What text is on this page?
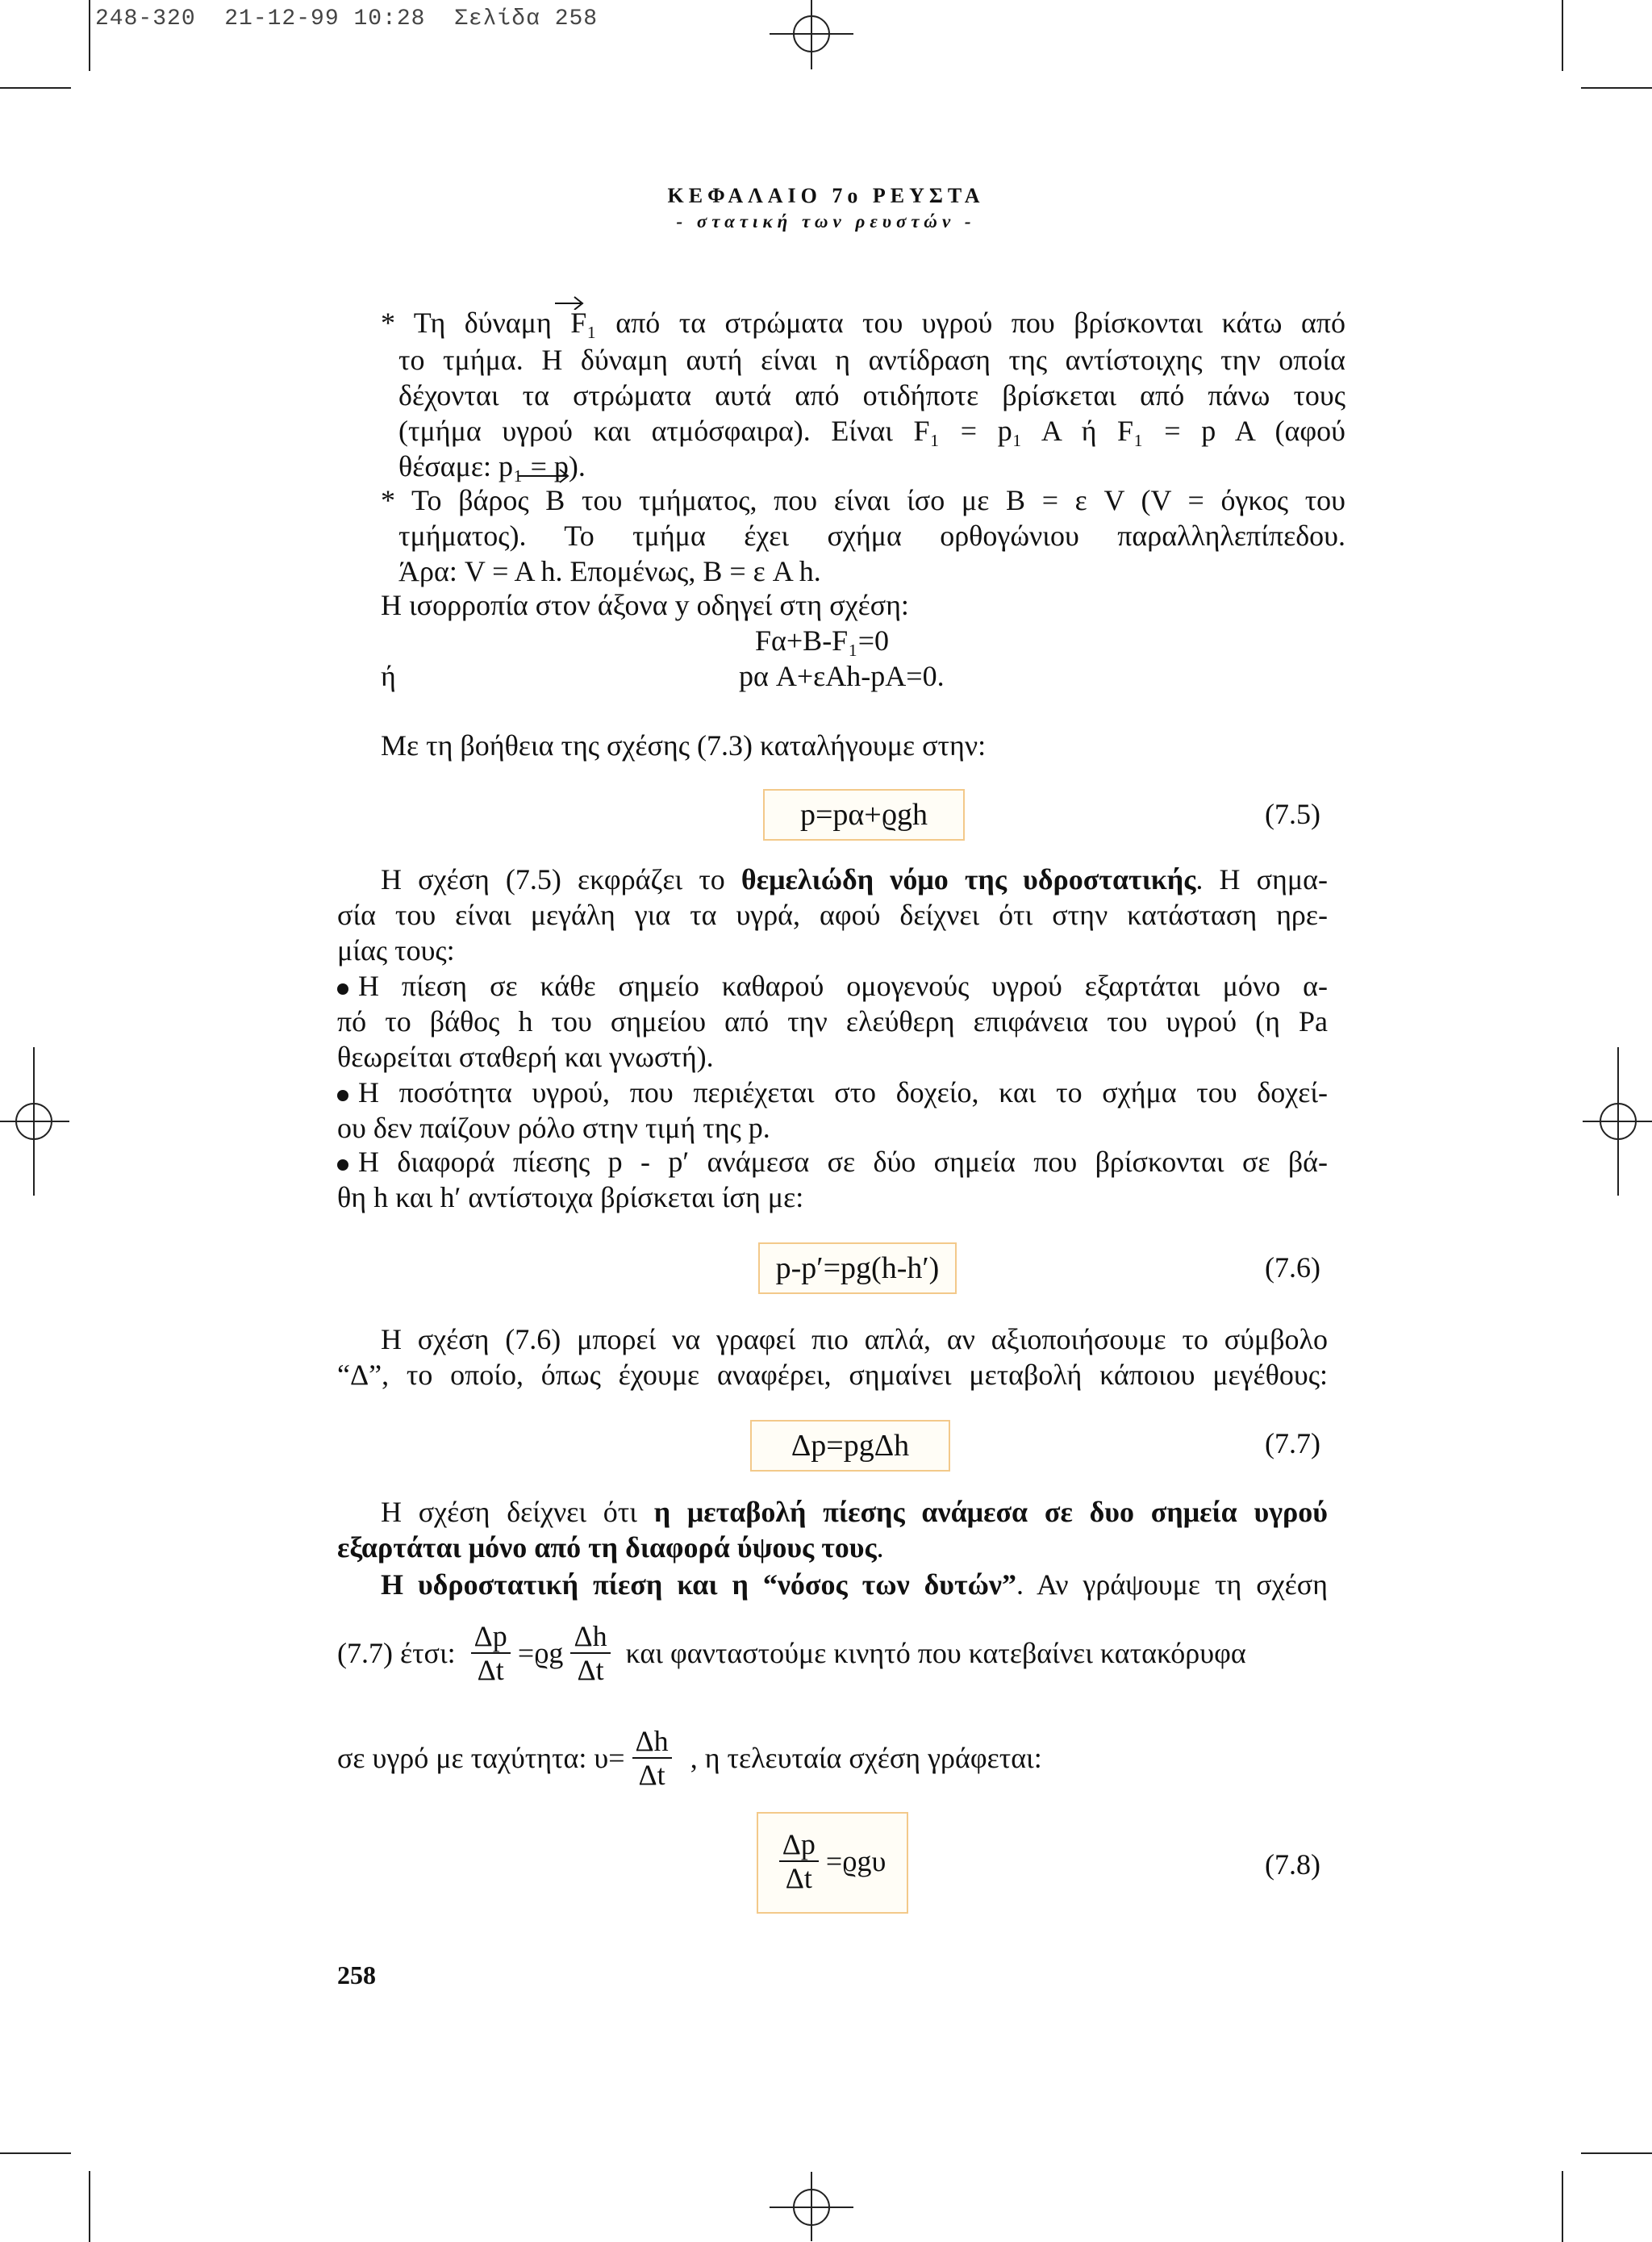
248-320  21-12-99 10:28  Σελίδα 258
ΚΕΦΑΛΑΙΟ 7ο ΡΕΥΣΤΑ
- στατική των ρευστών -
* Τη δύναμη F₁ από τα στρώματα του υγρού που βρίσκονται κάτω από
το τμήμα. Η δύναμη αυτή είναι η αντίδραση της αντίστοιχης την οποία
δέχονται τα στρώματα αυτά από οτιδήποτε βρίσκεται από πάνω τους
(τμήμα υγρού και ατμόσφαιρα). Είναι F₁ = p₁ A ή F₁ = p A (αφού
θέσαμε: p₁ = p).
* Το βάρος B του τμήματος, που είναι ίσο με B = ε V (V = όγκος του
τμήματος). Το τμήμα έχει σχήμα ορθογώνιου παραλληλεπίπεδου.
Άρα: V = A h. Επομένως, B = ε A h.
Η ισορροπία στον άξονα y οδηγεί στη σχέση:
Fα+B-F₁=0
ή	pα A+εAh-pA=0.
Με τη βοήθεια της σχέσης (7.3) καταλήγουμε στην:
p=pα+ϱgh	(7.5)
Η σχέση (7.5) εκφράζει το θεμελιώδη νόμο της υδροστατικής. Η σημα-
σία του είναι μεγάλη για τα υγρά, αφού δείχνει ότι στην κατάσταση ηρε-
μίας τους:
Η πίεση σε κάθε σημείο καθαρού ομογενούς υγρού εξαρτάται μόνο α-
πό το βάθος h του σημείου από την ελεύθερη επιφάνεια του υγρού (η Pa
θεωρείται σταθερή και γνωστή).
Η ποσότητα υγρού, που περιέχεται στο δοχείο, και το σχήμα του δοχεί-
ου δεν παίζουν ρόλο στην τιμή της p.
Η διαφορά πίεσης p - p′ ανάμεσα σε δύο σημεία που βρίσκονται σε βά-
θη h και h′ αντίστοιχα βρίσκεται ίση με:
p-p′=pg(h-h′)	(7.6)
Η σχέση (7.6) μπορεί να γραφεί πιο απλά, αν αξιοποιήσουμε το σύμβολο
“Δ”, το οποίο, όπως έχουμε αναφέρει, σημαίνει μεταβολή κάποιου μεγέθους:
Δp=pgΔh	(7.7)
Η σχέση δείχνει ότι η μεταβολή πίεσης ανάμεσα σε δυο σημεία υγρού
εξαρτάται μόνο από τη διαφορά ύψους τους.
Η υδροστατική πίεση και η “νόσος των δυτών”. Αν γράψουμε τη σχέση
(7.7) έτσι: $\frac{\Delta p}{\Delta t} =ϱg \frac{\Delta h}{\Delta t}$ και φανταστούμε κινητό που κατεβαίνει κατακόρυφα
σε υγρό με ταχύτητα: $\upsilon= \frac{\Delta h}{\Delta t}$ , η τελευταία σχέση γράφεται:
$\frac{\Delta p}{\Delta t} =ϱg\upsilon$	(7.8)
258
